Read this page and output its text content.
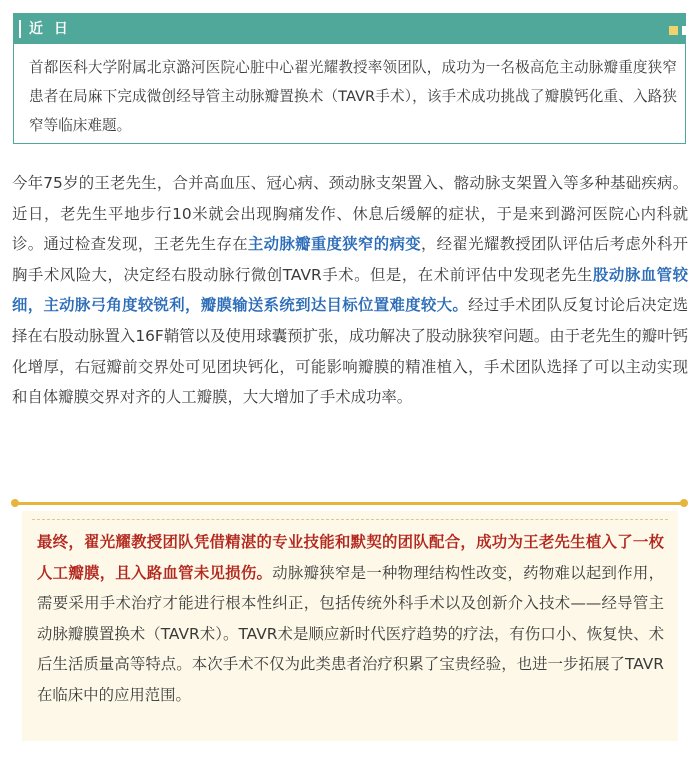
近 日

首都医科大学附属北京潞河医院心脏中心翟光耀教授率领团队，成功为一名极高危主动脉瓣重度狭窄患者在局麻下完成微创经导管主动脉瓣置换术（TAVR手术），该手术成功挑战了瓣膜钙化重、入路狭窄等临床难题。

今年75岁的王老先生，合并高血压、冠心病、颈动脉支架置入、髂动脉支架置入等多种基础疾病。近日，老先生平地步行10米就会出现胸痛发作、休息后缓解的症状，于是来到潞河医院心内科就诊。通过检查发现，王老先生存在主动脉瓣重度狭窄的病变，经翟光耀教授团队评估后考虑外科开胸手术风险大，决定经右股动脉行微创TAVR手术。但是，在术前评估中发现老先生股动脉血管较细，主动脉弓角度较锐利，瓣膜输送系统到达目标位置难度较大。经过手术团队反复讨论后决定选择在右股动脉置入16F鞘管以及使用球囊预扩张，成功解决了股动脉狭窄问题。由于老先生的瓣叶钙化增厚，右冠瓣前交界处可见团块钙化，可能影响瓣膜的精准植入，手术团队选择了可以主动实现和自体瓣膜交界对齐的人工瓣膜，大大增加了手术成功率。

最终，翟光耀教授团队凭借精湛的专业技能和默契的团队配合，成功为王老先生植入了一枚人工瓣膜，且入路血管未见损伤。动脉瓣狭窄是一种物理结构性改变，药物难以起到作用，需要采用手术治疗才能进行根本性纠正，包括传统外科手术以及创新介入技术——经导管主动脉瓣膜置换术（TAVR术）。TAVR术是顺应新时代医疗趋势的疗法，有伤口小、恢复快、术后生活质量高等特点。本次手术不仅为此类患者治疗积累了宝贵经验，也进一步拓展了TAVR在临床中的应用范围。
